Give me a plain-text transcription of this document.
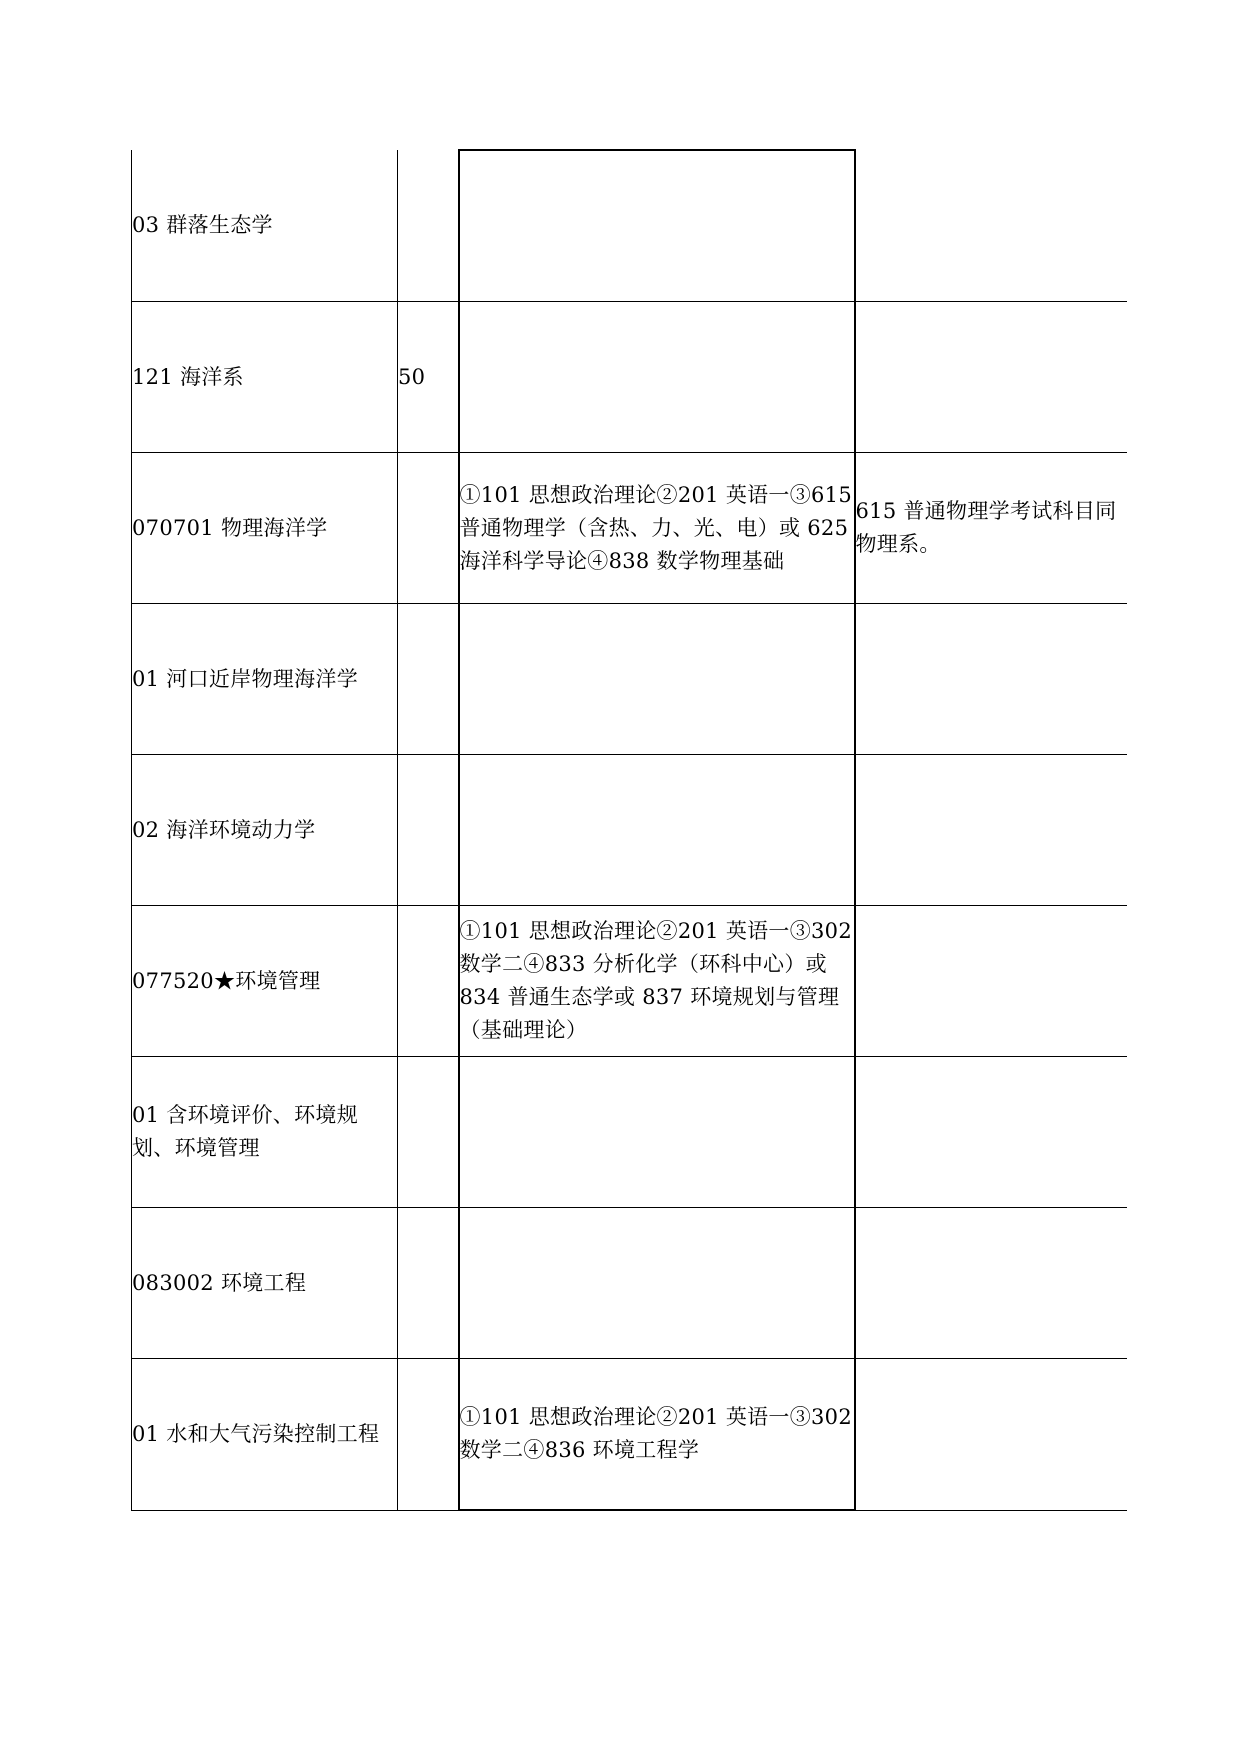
03 群落生态学			

121 海洋系	50		

070701 物理海洋学		①101 思想政治理论②201 英语一③615 普通物理学（含热、力、光、电）或 625 海洋科学导论④838 数学物理基础	615 普通物理学考试科目同物理系。

01 河口近岸物理海洋学			

02 海洋环境动力学			

077520★环境管理		①101 思想政治理论②201 英语一③302 数学二④833 分析化学（环科中心）或 834 普通生态学或 837 环境规划与管理（基础理论）	

01 含环境评价、环境规划、环境管理			

083002 环境工程			

01 水和大气污染控制工程		①101 思想政治理论②201 英语一③302 数学二④836 环境工程学	
